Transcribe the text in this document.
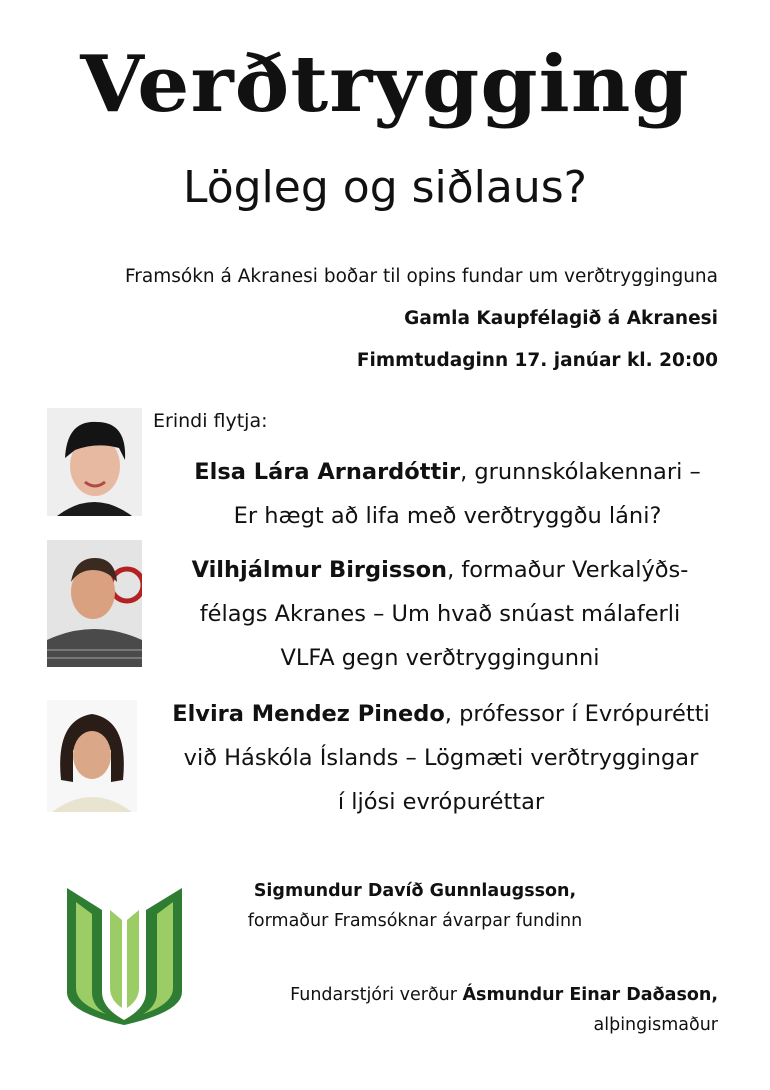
Verðtrygging
Lögleg og siðlaus?
Framsókn á Akranesi boðar til opins fundar um verðtrygginguna
Gamla Kaupfélagið á Akranesi
Fimmtudaginn 17. janúar kl. 20:00
Erindi flytja:
Elsa Lára Arnardóttir, grunnskólakennari –
Er hægt að lifa með verðtryggðu láni?
Vilhjálmur Birgisson, formaður Verkalýðs-
félags Akranes – Um hvað snúast málaferli
VLFA gegn verðtryggingunni
Elvira Mendez Pinedo, prófessor í Evrópurétti
við Háskóla Íslands – Lögmæti verðtryggingar
í ljósi evrópuréttar
Sigmundur Davíð Gunnlaugsson,
formaður Framsóknar ávarpar fundinn
Fundarstjóri verður Ásmundur Einar Daðason,
alþingismaður
